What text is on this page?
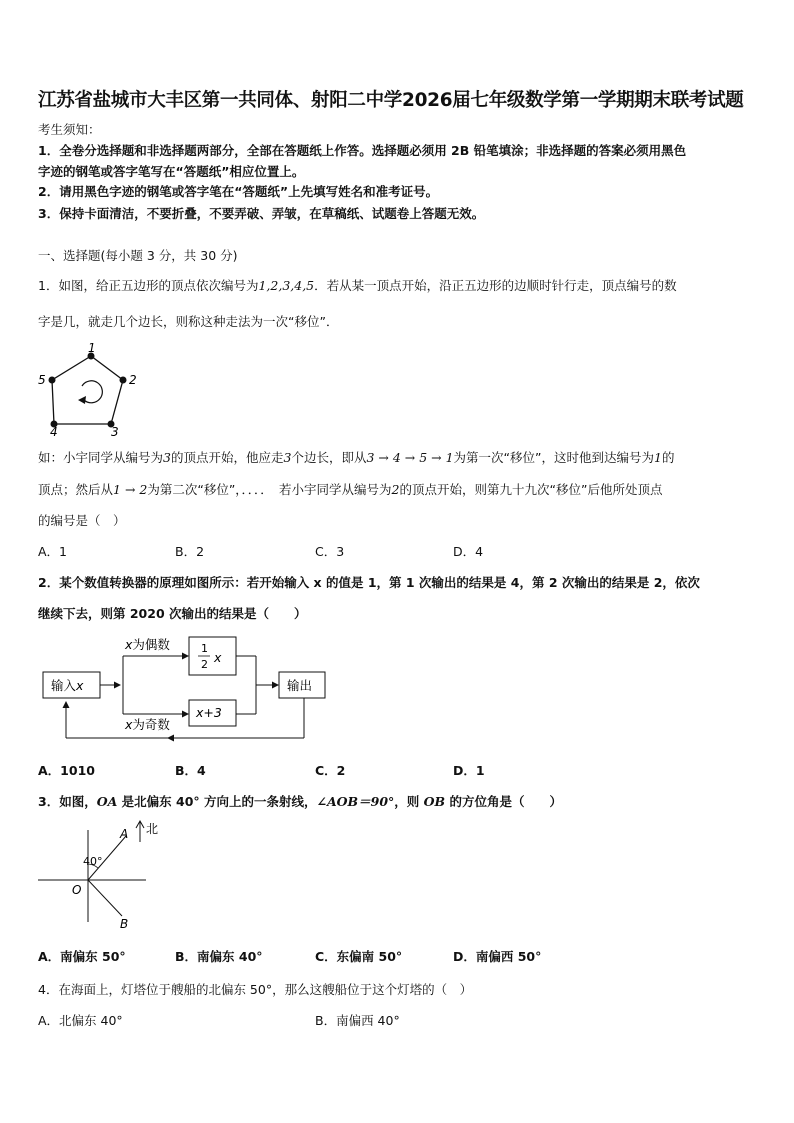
江苏省盐城市大丰区第一共同体、射阳二中学2026届七年级数学第一学期期末联考试题
考生须知：
1．全卷分选择题和非选择题两部分，全部在答题纸上作答。选择题必须用 2B 铅笔填涂；非选择题的答案必须用黑色
字迹的钢笔或答字笔写在“答题纸”相应位置上。
2．请用黑色字迹的钢笔或答字笔在“答题纸”上先填写姓名和准考证号。
3．保持卡面清洁，不要折叠，不要弄破、弄皱，在草稿纸、试题卷上答题无效。
一、选择题(每小题 3 分，共 30 分)
1．如图，给正五边形的顶点依次编号为1,2,3,4,5．若从某一顶点开始，沿正五边形的边顺时针行走，顶点编号的数
字是几，就走几个边长，则称这种走法为一次“移位”．
1
2
3
4
5
如：小宇同学从编号为3的顶点开始，他应走3个边长，即从3 → 4 → 5 → 1为第一次“移位”，这时他到达编号为1的
顶点；然后从1 → 2为第二次“移位”，．．．．　若小宇同学从编号为2的顶点开始，则第九十九次“移位”后他所处顶点
的编号是（　）
A．1	B．2	C．3	D．4
2．某个数值转换器的原理如图所示：若开始输入 x 的值是 1，第 1 次输出的结果是 4，第 2 次输出的结果是 2，依次
继续下去，则第 2020 次输出的结果是（　　）
输入x
x为偶数	1
2 x
x+3
输出
x为奇数
A．1010	B．4	C．2	D．1
3．如图，OA 是北偏东 40° 方向上的一条射线，∠AOB＝90°，则 OB 的方位角是（　　）
A 北
40°
O
B
A．南偏东 50°	B．南偏东 40°	C．东偏南 50°	D．南偏西 50°
4．在海面上，灯塔位于艘船的北偏东 50°，那么这艘船位于这个灯塔的（　）
A．北偏东 40°	B．南偏西 40°
